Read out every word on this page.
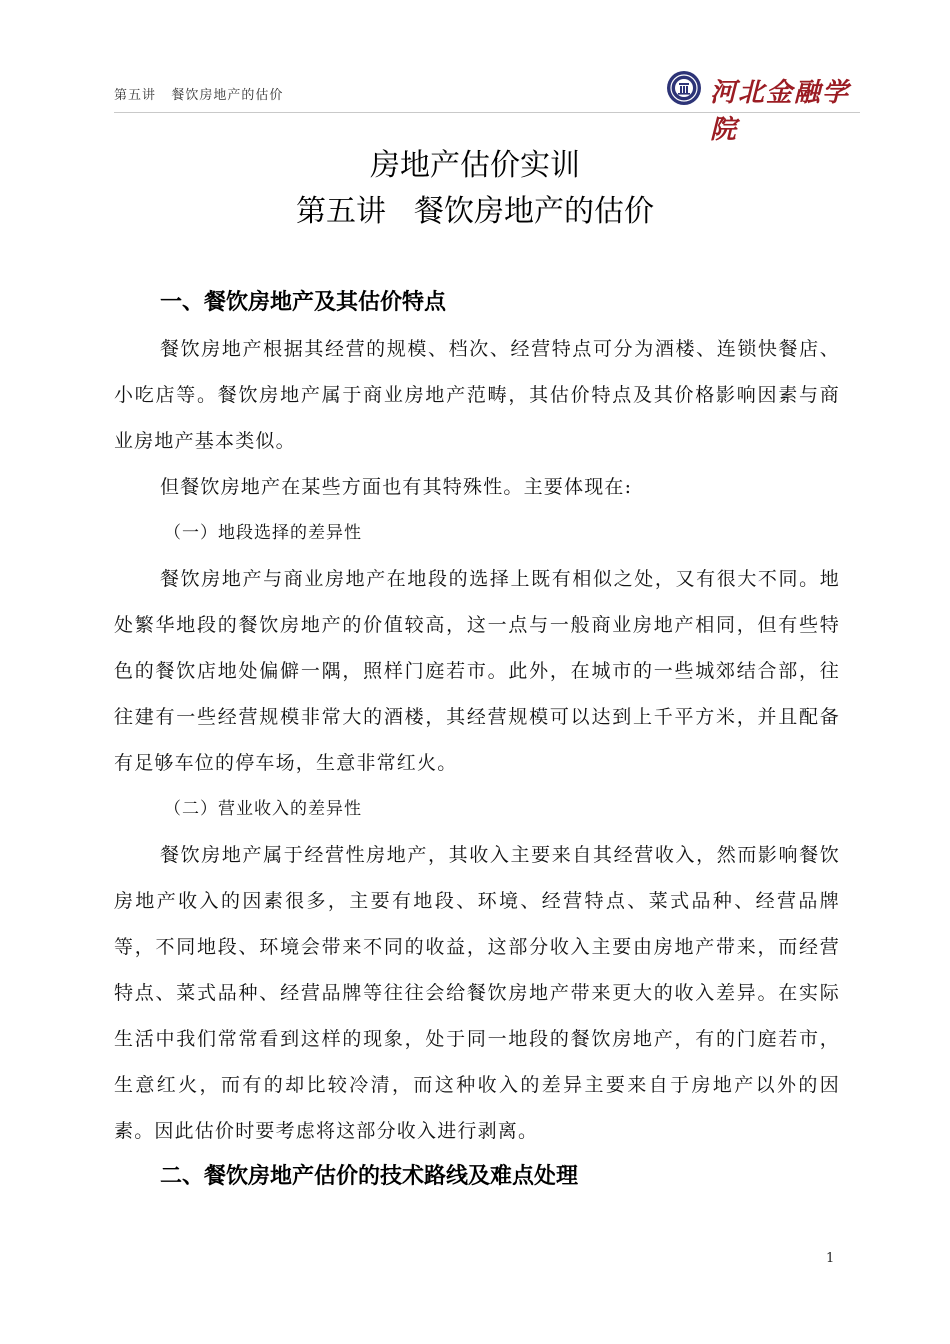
第五讲   餐饮房地产的估价	河北金融学院
房地产估价实训
第五讲 餐饮房地产的估价
一、餐饮房地产及其估价特点

餐饮房地产根据其经营的规模、档次、经营特点可分为酒楼、连锁快餐店、小吃店等。餐饮房地产属于商业房地产范畴，其估价特点及其价格影响因素与商业房地产基本类似。

但餐饮房地产在某些方面也有其特殊性。主要体现在:

（一）地段选择的差异性

餐饮房地产与商业房地产在地段的选择上既有相似之处，又有很大不同。地处繁华地段的餐饮房地产的价值较高，这一点与一般商业房地产相同，但有些特色的餐饮店地处偏僻一隅，照样门庭若市。此外，在城市的一些城郊结合部，往往建有一些经营规模非常大的酒楼，其经营规模可以达到上千平方米，并且配备有足够车位的停车场，生意非常红火。

（二）营业收入的差异性

餐饮房地产属于经营性房地产，其收入主要来自其经营收入，然而影响餐饮房地产收入的因素很多，主要有地段、环境、经营特点、菜式品种、经营品牌等，不同地段、环境会带来不同的收益，这部分收入主要由房地产带来，而经营特点、菜式品种、经营品牌等往往会给餐饮房地产带来更大的收入差异。在实际生活中我们常常看到这样的现象，处于同一地段的餐饮房地产，有的门庭若市，生意红火，而有的却比较冷清，而这种收入的差异主要来自于房地产以外的因素。因此估价时要考虑将这部分收入进行剥离。

二、餐饮房地产估价的技术路线及难点处理
1
